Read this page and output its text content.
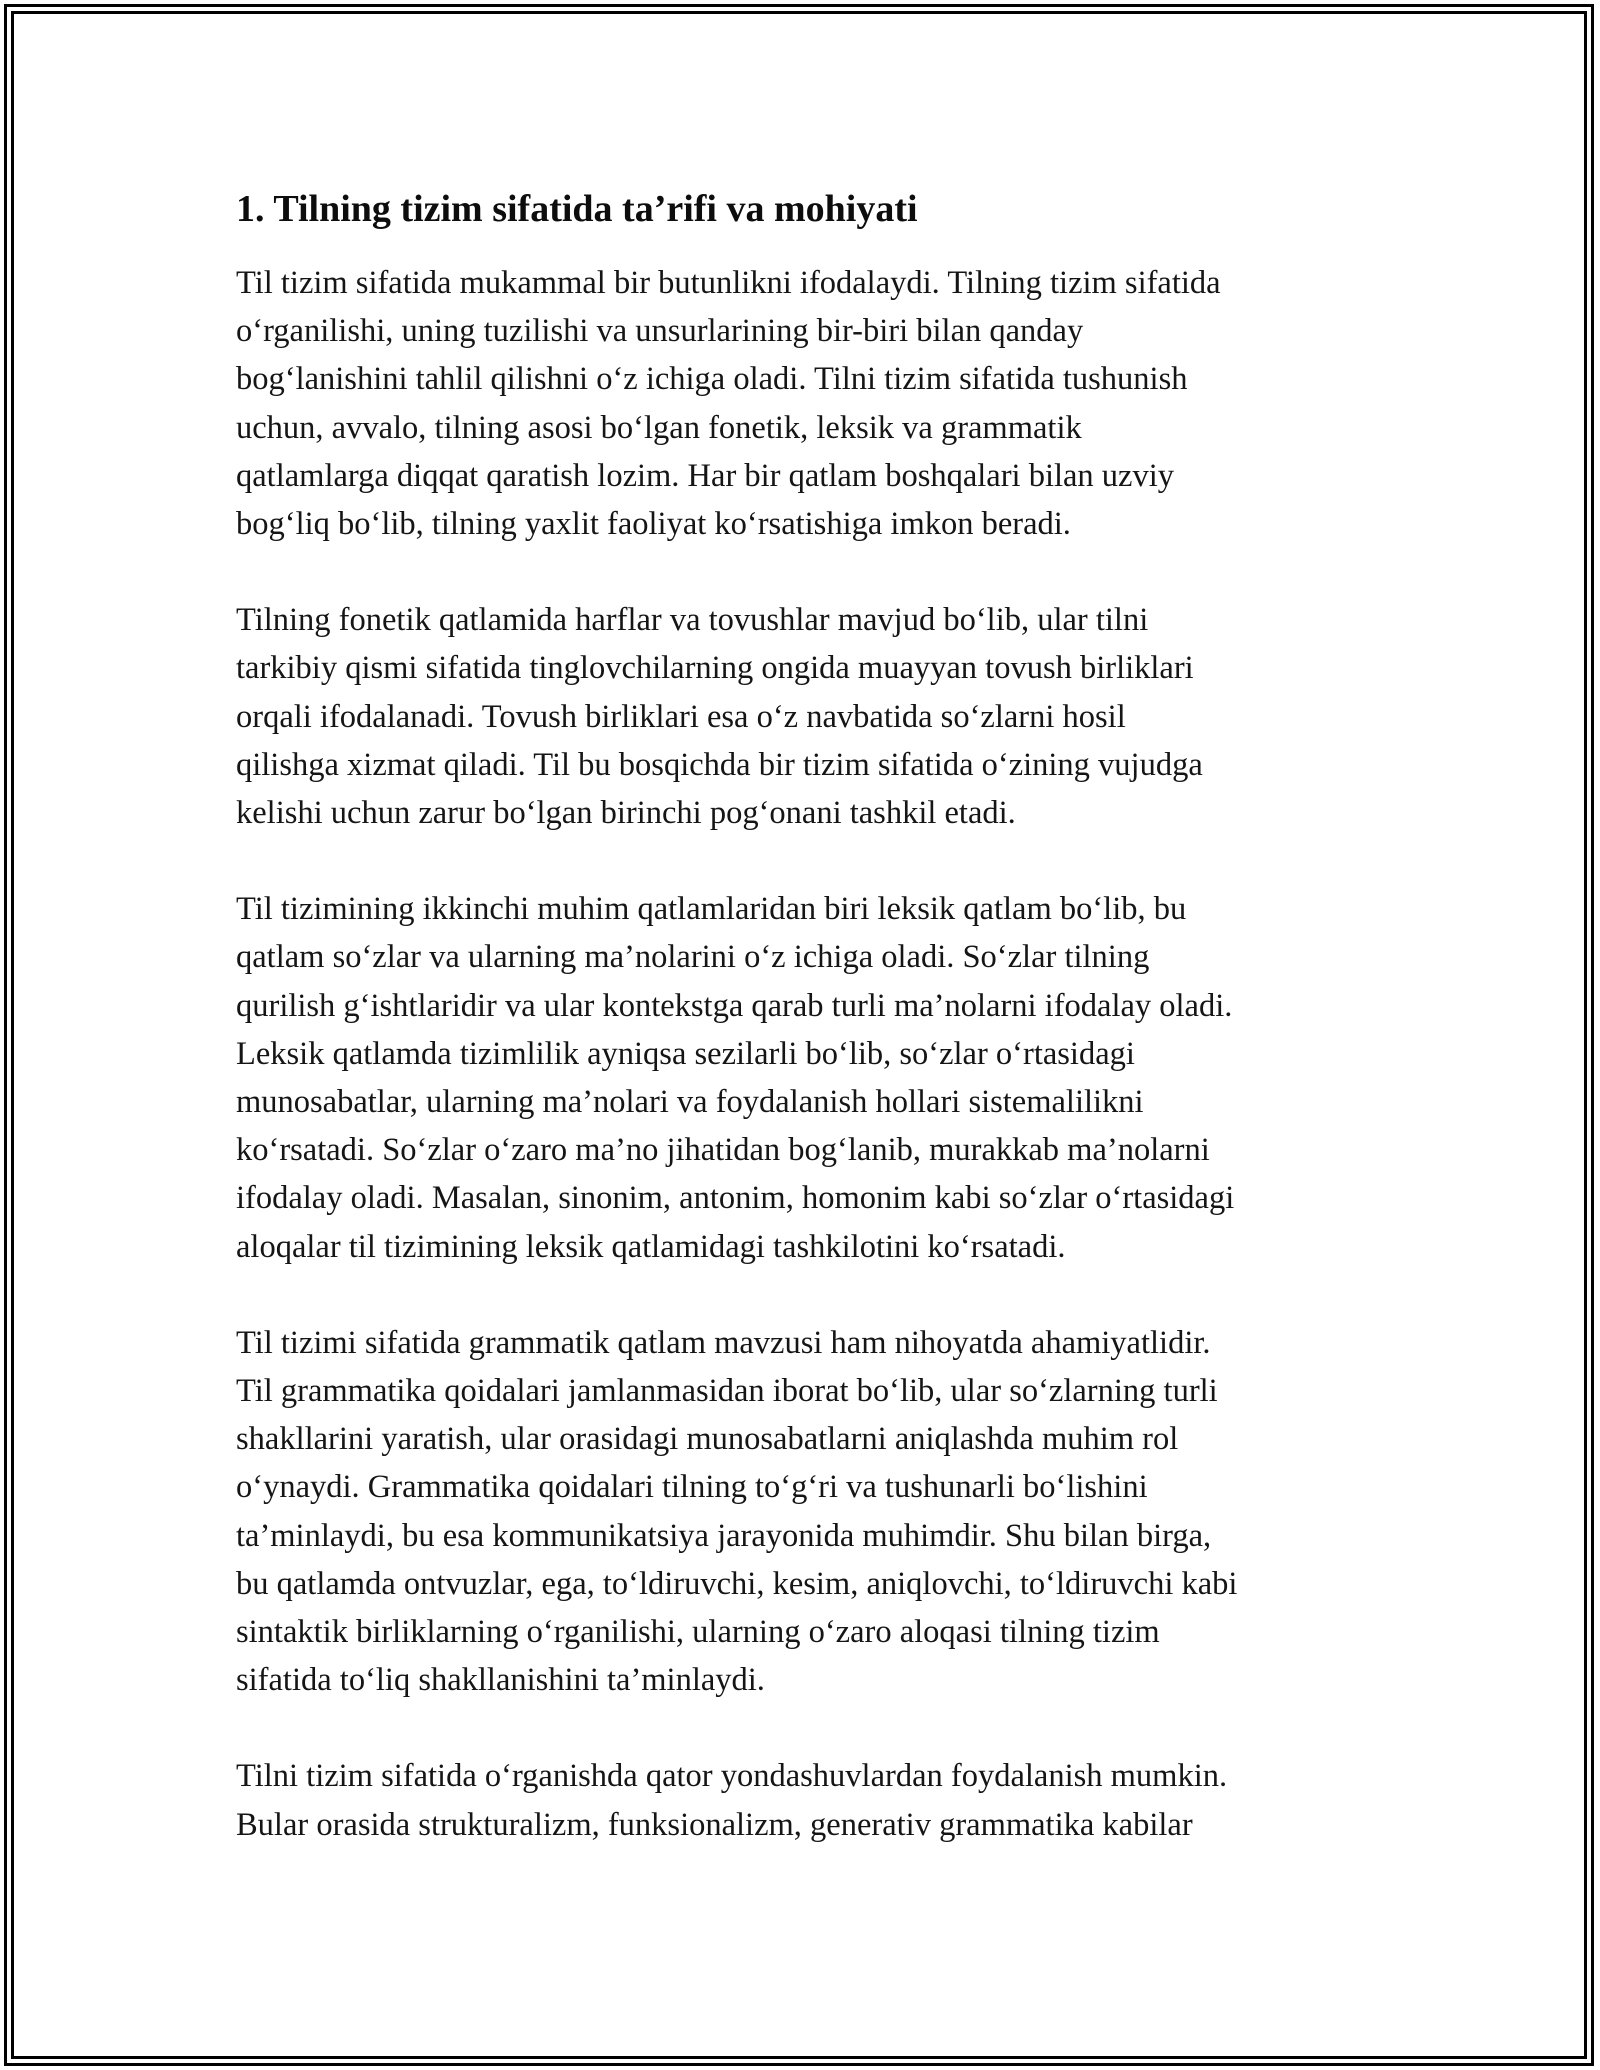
1. Tilning tizim sifatida ta’rifi va mohiyati

Til tizim sifatida mukammal bir butunlikni ifodalaydi. Tilning tizim sifatida
o‘rganilishi, uning tuzilishi va unsurlarining bir-biri bilan qanday
bog‘lanishini tahlil qilishni o‘z ichiga oladi. Tilni tizim sifatida tushunish
uchun, avvalo, tilning asosi bo‘lgan fonetik, leksik va grammatik
qatlamlarga diqqat qaratish lozim. Har bir qatlam boshqalari bilan uzviy
bog‘liq bo‘lib, tilning yaxlit faoliyat ko‘rsatishiga imkon beradi.

Tilning fonetik qatlamida harflar va tovushlar mavjud bo‘lib, ular tilni
tarkibiy qismi sifatida tinglovchilarning ongida muayyan tovush birliklari
orqali ifodalanadi. Tovush birliklari esa o‘z navbatida so‘zlarni hosil
qilishga xizmat qiladi. Til bu bosqichda bir tizim sifatida o‘zining vujudga
kelishi uchun zarur bo‘lgan birinchi pog‘onani tashkil etadi.

Til tizimining ikkinchi muhim qatlamlaridan biri leksik qatlam bo‘lib, bu
qatlam so‘zlar va ularning ma’nolarini o‘z ichiga oladi. So‘zlar tilning
qurilish g‘ishtlaridir va ular kontekstga qarab turli ma’nolarni ifodalay oladi.
Leksik qatlamda tizimlilik ayniqsa sezilarli bo‘lib, so‘zlar o‘rtasidagi
munosabatlar, ularning ma’nolari va foydalanish hollari sistemalilikni
ko‘rsatadi. So‘zlar o‘zaro ma’no jihatidan bog‘lanib, murakkab ma’nolarni
ifodalay oladi. Masalan, sinonim, antonim, homonim kabi so‘zlar o‘rtasidagi
aloqalar til tizimining leksik qatlamidagi tashkilotini ko‘rsatadi.

Til tizimi sifatida grammatik qatlam mavzusi ham nihoyatda ahamiyatlidir.
Til grammatika qoidalari jamlanmasidan iborat bo‘lib, ular so‘zlarning turli
shakllarini yaratish, ular orasidagi munosabatlarni aniqlashda muhim rol
o‘ynaydi. Grammatika qoidalari tilning to‘g‘ri va tushunarli bo‘lishini
ta’minlaydi, bu esa kommunikatsiya jarayonida muhimdir. Shu bilan birga,
bu qatlamda ontvuzlar, ega, to‘ldiruvchi, kesim, aniqlovchi, to‘ldiruvchi kabi
sintaktik birliklarning o‘rganilishi, ularning o‘zaro aloqasi tilning tizim
sifatida to‘liq shakllanishini ta’minlaydi.

Tilni tizim sifatida o‘rganishda qator yondashuvlardan foydalanish mumkin.
Bular orasida strukturalizm, funksionalizm, generativ grammatika kabilar
